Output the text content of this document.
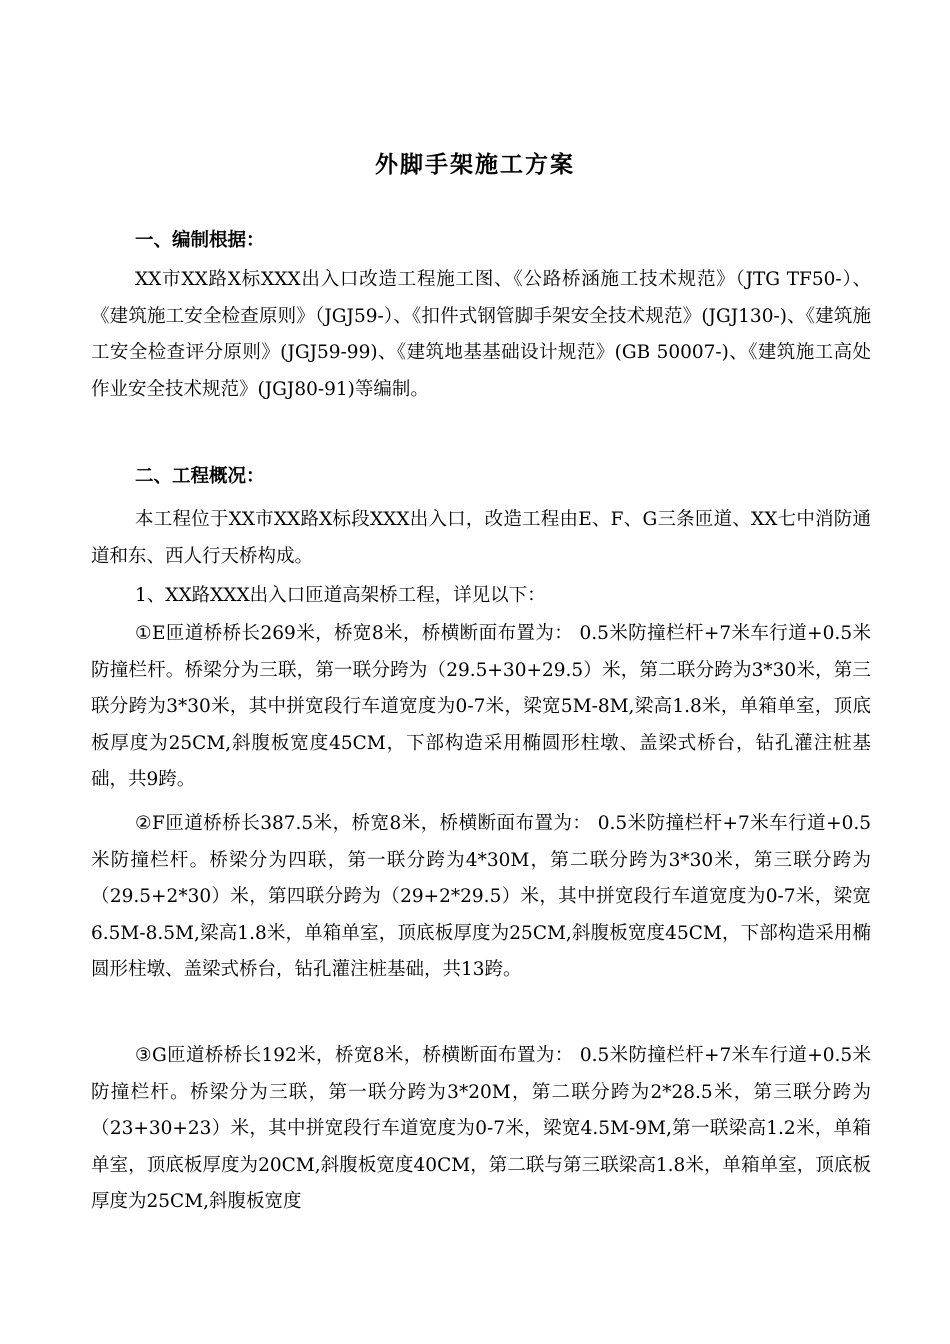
外脚手架施工方案
一、编制根据：

XX市XX路X标XXX出入口改造工程施工图、《公路桥涵施工技术规范》（JTG TF50-）、《建筑施工安全检查原则》（JGJ59-）、《扣件式钢管脚手架安全技术规范》(JGJ130-)、《建筑施工安全检查评分原则》(JGJ59-99)、《建筑地基基础设计规范》(GB 50007-)、《建筑施工高处作业安全技术规范》(JGJ80-91)等编制。

二、工程概况：

本工程位于XX市XX路X标段XXX出入口，改造工程由E、F、G三条匝道、XX七中消防通道和东、西人行天桥构成。

1、XX路XXX出入口匝道高架桥工程，详见以下：

①E匝道桥桥长269米，桥宽8米，桥横断面布置为： 0.5米防撞栏杆+7米车行道+0.5米防撞栏杆。桥梁分为三联，第一联分跨为（29.5+30+29.5）米，第二联分跨为3*30米，第三联分跨为3*30米，其中拼宽段行车道宽度为0-7米，梁宽5M-8M,梁高1.8米，单箱单室，顶底板厚度为25CM,斜腹板宽度45CM，下部构造采用椭圆形柱墩、盖梁式桥台，钻孔灌注桩基础，共9跨。

②F匝道桥桥长387.5米，桥宽8米，桥横断面布置为： 0.5米防撞栏杆+7米车行道+0.5米防撞栏杆。桥梁分为四联，第一联分跨为4*30M，第二联分跨为3*30米，第三联分跨为（29.5+2*30）米，第四联分跨为（29+2*29.5）米，其中拼宽段行车道宽度为0-7米，梁宽6.5M-8.5M,梁高1.8米，单箱单室，顶底板厚度为25CM,斜腹板宽度45CM，下部构造采用椭圆形柱墩、盖梁式桥台，钻孔灌注桩基础，共13跨。

③G匝道桥桥长192米，桥宽8米，桥横断面布置为： 0.5米防撞栏杆+7米车行道+0.5米防撞栏杆。桥梁分为三联，第一联分跨为3*20M，第二联分跨为2*28.5米，第三联分跨为（23+30+23）米，其中拼宽段行车道宽度为0-7米，梁宽4.5M-9M,第一联梁高1.2米，单箱单室，顶底板厚度为20CM,斜腹板宽度40CM，第二联与第三联梁高1.8米，单箱单室，顶底板厚度为25CM,斜腹板宽度
